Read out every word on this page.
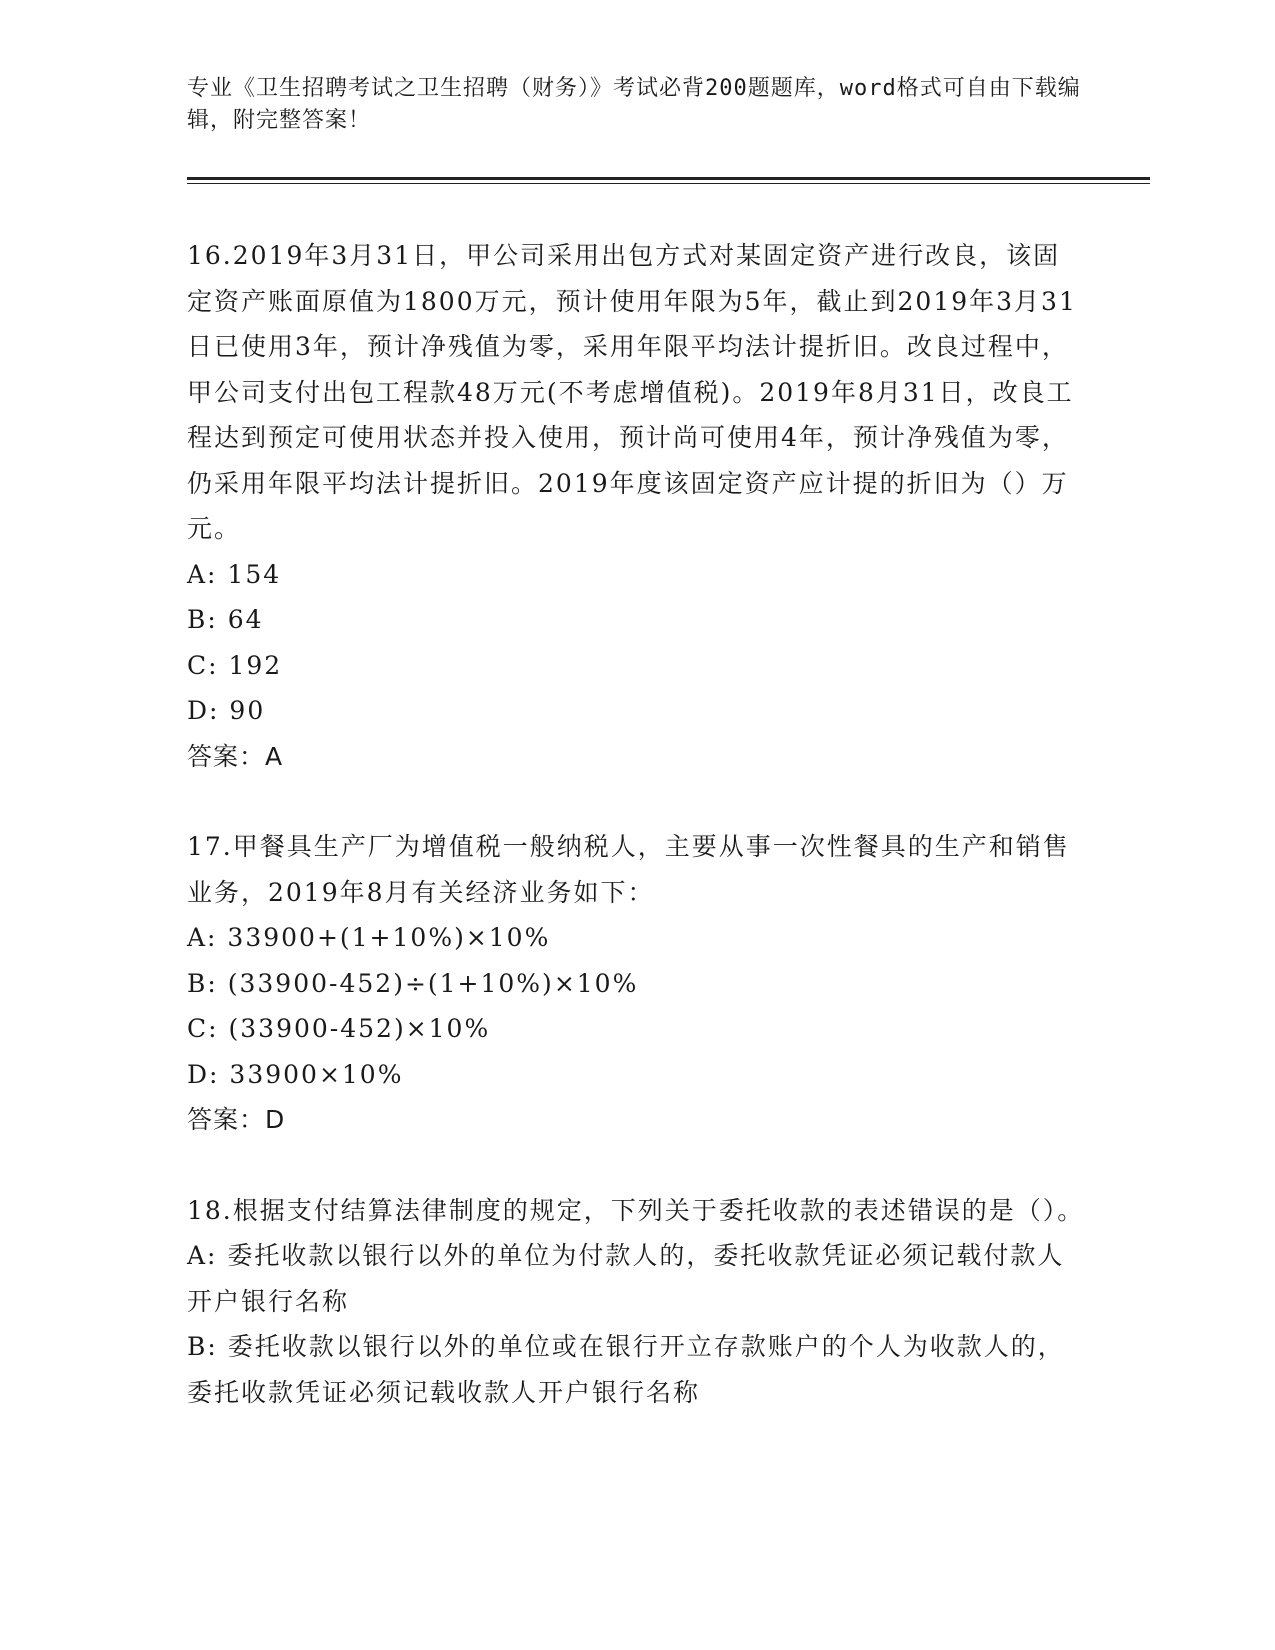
专业《卫生招聘考试之卫生招聘（财务）》考试必背200题题库，word格式可自由下载编辑，附完整答案！

16.2019年3月31日，甲公司采用出包方式对某固定资产进行改良，该固定资产账面原值为1800万元，预计使用年限为5年，截止到2019年3月31日已使用3年，预计净残值为零，采用年限平均法计提折旧。改良过程中，甲公司支付出包工程款48万元(不考虑增值税)。2019年8月31日，改良工程达到预定可使用状态并投入使用，预计尚可使用4年，预计净残值为零，仍采用年限平均法计提折旧。2019年度该固定资产应计提的折旧为（）万元。

A: 154

B: 64

C: 192

D: 90

答案：A

17.甲餐具生产厂为增值税一般纳税人，主要从事一次性餐具的生产和销售业务，2019年8月有关经济业务如下：

A: 33900+(1+10%)×10%

B: (33900-452)÷(1+10%)×10%

C: (33900-452)×10%

D: 33900×10%

答案：D

18.根据支付结算法律制度的规定，下列关于委托收款的表述错误的是（）。

A: 委托收款以银行以外的单位为付款人的，委托收款凭证必须记载付款人开户银行名称

B: 委托收款以银行以外的单位或在银行开立存款账户的个人为收款人的，委托收款凭证必须记载收款人开户银行名称
